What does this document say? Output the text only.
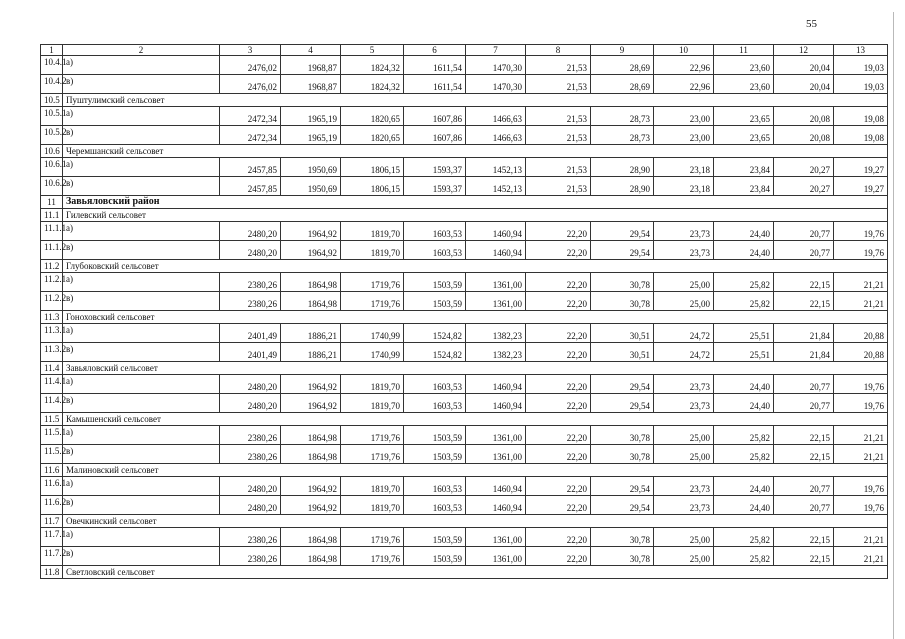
55
1	2	3	4	5	6	7	8	9	10	11	12	13
10.4.1	а)	2476,02	1968,87	1824,32	1611,54	1470,30	21,53	28,69	22,96	23,60	20,04	19,03
10.4.2	в)	2476,02	1968,87	1824,32	1611,54	1470,30	21,53	28,69	22,96	23,60	20,04	19,03
10.5	Пуштулимский сельсовет											
10.5.1	а)	2472,34	1965,19	1820,65	1607,86	1466,63	21,53	28,73	23,00	23,65	20,08	19,08
10.5.2	в)	2472,34	1965,19	1820,65	1607,86	1466,63	21,53	28,73	23,00	23,65	20,08	19,08
10.6	Черемшанский сельсовет											
10.6.1	а)	2457,85	1950,69	1806,15	1593,37	1452,13	21,53	28,90	23,18	23,84	20,27	19,27
10.6.2	в)	2457,85	1950,69	1806,15	1593,37	1452,13	21,53	28,90	23,18	23,84	20,27	19,27
11	Завьяловский район											
11.1	Гилевский сельсовет											
11.1.1	а)	2480,20	1964,92	1819,70	1603,53	1460,94	22,20	29,54	23,73	24,40	20,77	19,76
11.1.2	в)	2480,20	1964,92	1819,70	1603,53	1460,94	22,20	29,54	23,73	24,40	20,77	19,76
11.2	Глубоковский сельсовет											
11.2.1	а)	2380,26	1864,98	1719,76	1503,59	1361,00	22,20	30,78	25,00	25,82	22,15	21,21
11.2.2	в)	2380,26	1864,98	1719,76	1503,59	1361,00	22,20	30,78	25,00	25,82	22,15	21,21
11.3	Гоноховский сельсовет											
11.3.1	а)	2401,49	1886,21	1740,99	1524,82	1382,23	22,20	30,51	24,72	25,51	21,84	20,88
11.3.2	в)	2401,49	1886,21	1740,99	1524,82	1382,23	22,20	30,51	24,72	25,51	21,84	20,88
11.4	Завьяловский сельсовет											
11.4.1	а)	2480,20	1964,92	1819,70	1603,53	1460,94	22,20	29,54	23,73	24,40	20,77	19,76
11.4.2	в)	2480,20	1964,92	1819,70	1603,53	1460,94	22,20	29,54	23,73	24,40	20,77	19,76
11.5	Камышенский сельсовет											
11.5.1	а)	2380,26	1864,98	1719,76	1503,59	1361,00	22,20	30,78	25,00	25,82	22,15	21,21
11.5.2	в)	2380,26	1864,98	1719,76	1503,59	1361,00	22,20	30,78	25,00	25,82	22,15	21,21
11.6	Малиновский сельсовет											
11.6.1	а)	2480,20	1964,92	1819,70	1603,53	1460,94	22,20	29,54	23,73	24,40	20,77	19,76
11.6.2	в)	2480,20	1964,92	1819,70	1603,53	1460,94	22,20	29,54	23,73	24,40	20,77	19,76
11.7	Овечкинский сельсовет											
11.7.1	а)	2380,26	1864,98	1719,76	1503,59	1361,00	22,20	30,78	25,00	25,82	22,15	21,21
11.7.2	в)	2380,26	1864,98	1719,76	1503,59	1361,00	22,20	30,78	25,00	25,82	22,15	21,21
11.8	Светловский сельсовет											
